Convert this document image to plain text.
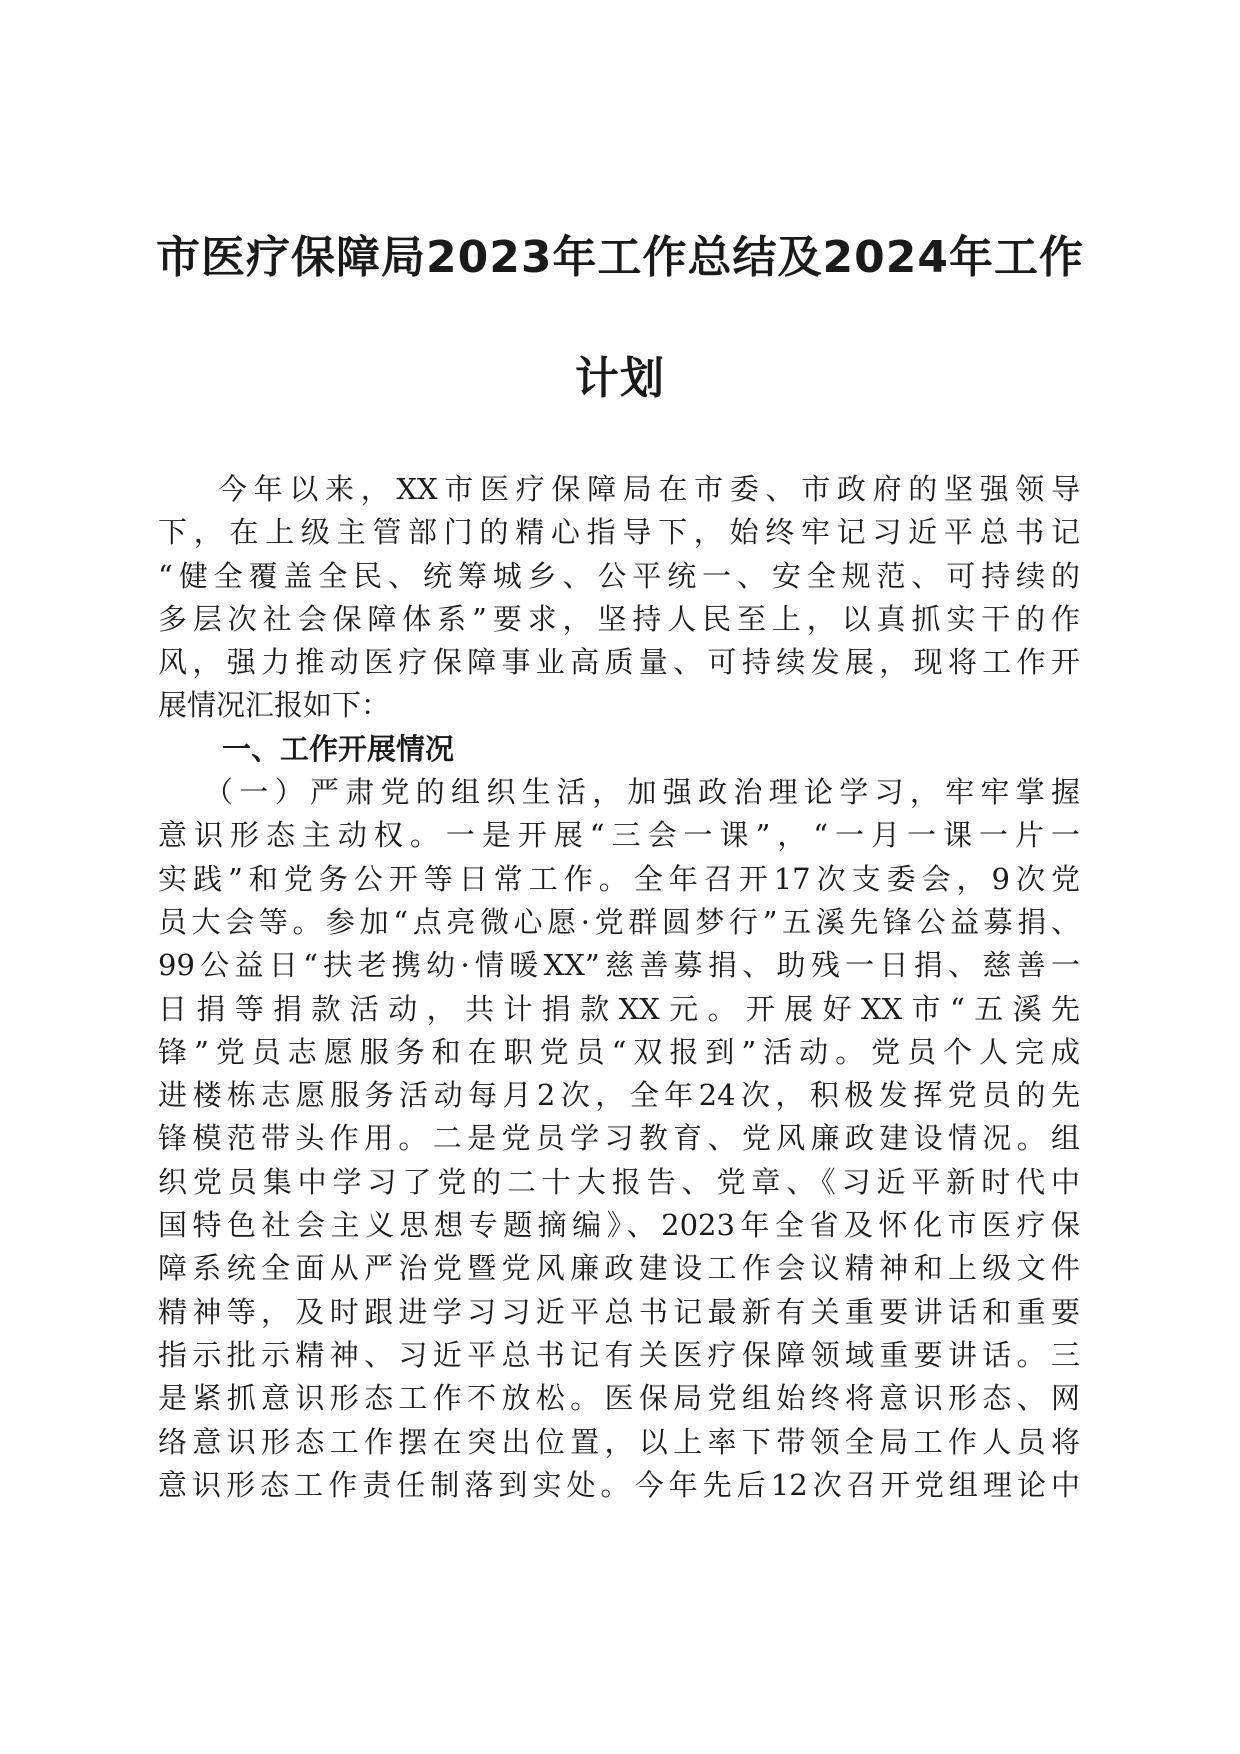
市医疗保障局2023年工作总结及2024年工作
计划
今年以来，XX市医疗保障局在市委、市政府的坚强领导
下，在上级主管部门的精心指导下，始终牢记习近平总书记
“健全覆盖全民、统筹城乡、公平统一、安全规范、可持续的
多层次社会保障体系”要求，坚持人民至上，以真抓实干的作
风，强力推动医疗保障事业高质量、可持续发展，现将工作开
展情况汇报如下：
一、工作开展情况
（一）严肃党的组织生活，加强政治理论学习，牢牢掌握
意识形态主动权。一是开展“三会一课”，“一月一课一片一
实践”和党务公开等日常工作。全年召开17次支委会，9次党
员大会等。参加“点亮微心愿·党群圆梦行”五溪先锋公益募捐、
99公益日“扶老携幼·情暖XX”慈善募捐、助残一日捐、慈善一
日捐等捐款活动，共计捐款XX元。开展好XX市“五溪先
锋”党员志愿服务和在职党员“双报到”活动。党员个人完成
进楼栋志愿服务活动每月2次，全年24次，积极发挥党员的先
锋模范带头作用。二是党员学习教育、党风廉政建设情况。组
织党员集中学习了党的二十大报告、党章、《习近平新时代中
国特色社会主义思想专题摘编》、2023年全省及怀化市医疗保
障系统全面从严治党暨党风廉政建设工作会议精神和上级文件
精神等，及时跟进学习习近平总书记最新有关重要讲话和重要
指示批示精神、习近平总书记有关医疗保障领域重要讲话。三
是紧抓意识形态工作不放松。医保局党组始终将意识形态、网
络意识形态工作摆在突出位置，以上率下带领全局工作人员将
意识形态工作责任制落到实处。今年先后12次召开党组理论中
